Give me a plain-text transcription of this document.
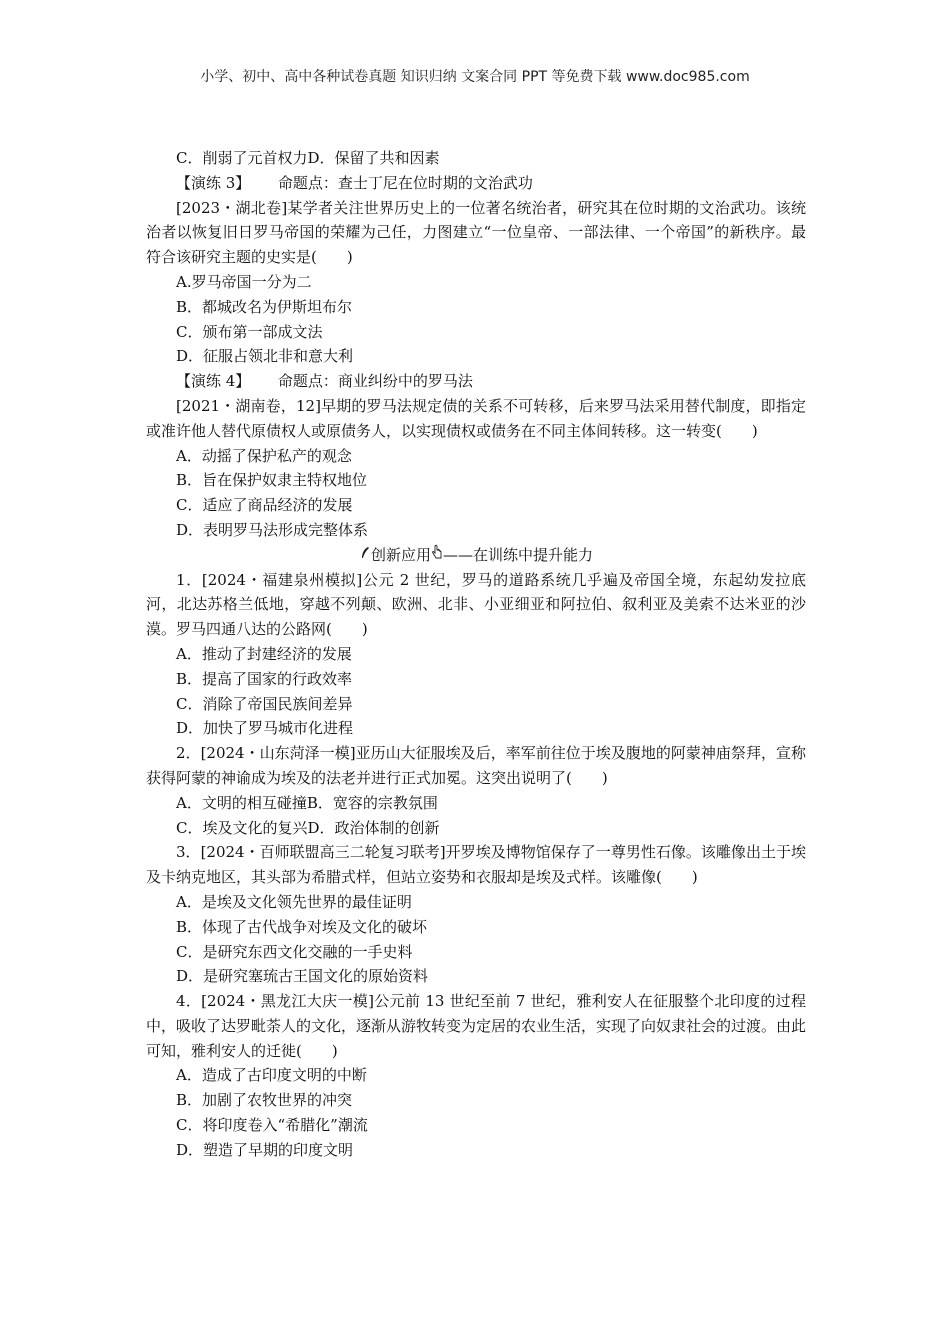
小学、初中、高中各种试卷真题 知识归纳 文案合同 PPT 等免费下载 www.doc985.com
C．削弱了元首权力D．保留了共和因素
【演练 3】 命题点：查士丁尼在位时期的文治武功
[2023・湖北卷]某学者关注世界历史上的一位著名统治者，研究其在位时期的文治武功。该统治者以恢复旧日罗马帝国的荣耀为己任，力图建立“一位皇帝、一部法律、一个帝国”的新秩序。最符合该研究主题的史实是(　　)
A.罗马帝国一分为二
B．都城改名为伊斯坦布尔
C．颁布第一部成文法
D．征服占领北非和意大利
【演练 4】 命题点：商业纠纷中的罗马法
[2021・湖南卷，12]早期的罗马法规定债的关系不可转移，后来罗马法采用替代制度，即指定或准许他人替代原债权人或原债务人，以实现债权或债务在不同主体间转移。这一转变(　　)
A．动摇了保护私产的观念
B．旨在保护奴隶主特权地位
C．适应了商品经济的发展
D．表明罗马法形成完整体系
创新应用 ——在训练中提升能力
1．[2024・福建泉州模拟]公元 2 世纪，罗马的道路系统几乎遍及帝国全境，东起幼发拉底河，北达苏格兰低地，穿越不列颠、欧洲、北非、小亚细亚和阿拉伯、叙利亚及美索不达米亚的沙漠。罗马四通八达的公路网(　　)
A．推动了封建经济的发展
B．提高了国家的行政效率
C．消除了帝国民族间差异
D．加快了罗马城市化进程
2．[2024・山东菏泽一模]亚历山大征服埃及后，率军前往位于埃及腹地的阿蒙神庙祭拜，宣称获得阿蒙的神谕成为埃及的法老并进行正式加冕。这突出说明了(　　)
A．文明的相互碰撞B．宽容的宗教氛围
C．埃及文化的复兴D．政治体制的创新
3．[2024・百师联盟高三二轮复习联考]开罗埃及博物馆保存了一尊男性石像。该雕像出土于埃及卡纳克地区，其头部为希腊式样，但站立姿势和衣服却是埃及式样。该雕像(　　)
A．是埃及文化领先世界的最佳证明
B．体现了古代战争对埃及文化的破坏
C．是研究东西文化交融的一手史料
D．是研究塞琉古王国文化的原始资料
4．[2024・黑龙江大庆一模]公元前 13 世纪至前 7 世纪，雅利安人在征服整个北印度的过程中，吸收了达罗毗荼人的文化，逐渐从游牧转变为定居的农业生活，实现了向奴隶社会的过渡。由此可知，雅利安人的迁徙(　　)
A．造成了古印度文明的中断
B．加剧了农牧世界的冲突
C．将印度卷入“希腊化”潮流
D．塑造了早期的印度文明
